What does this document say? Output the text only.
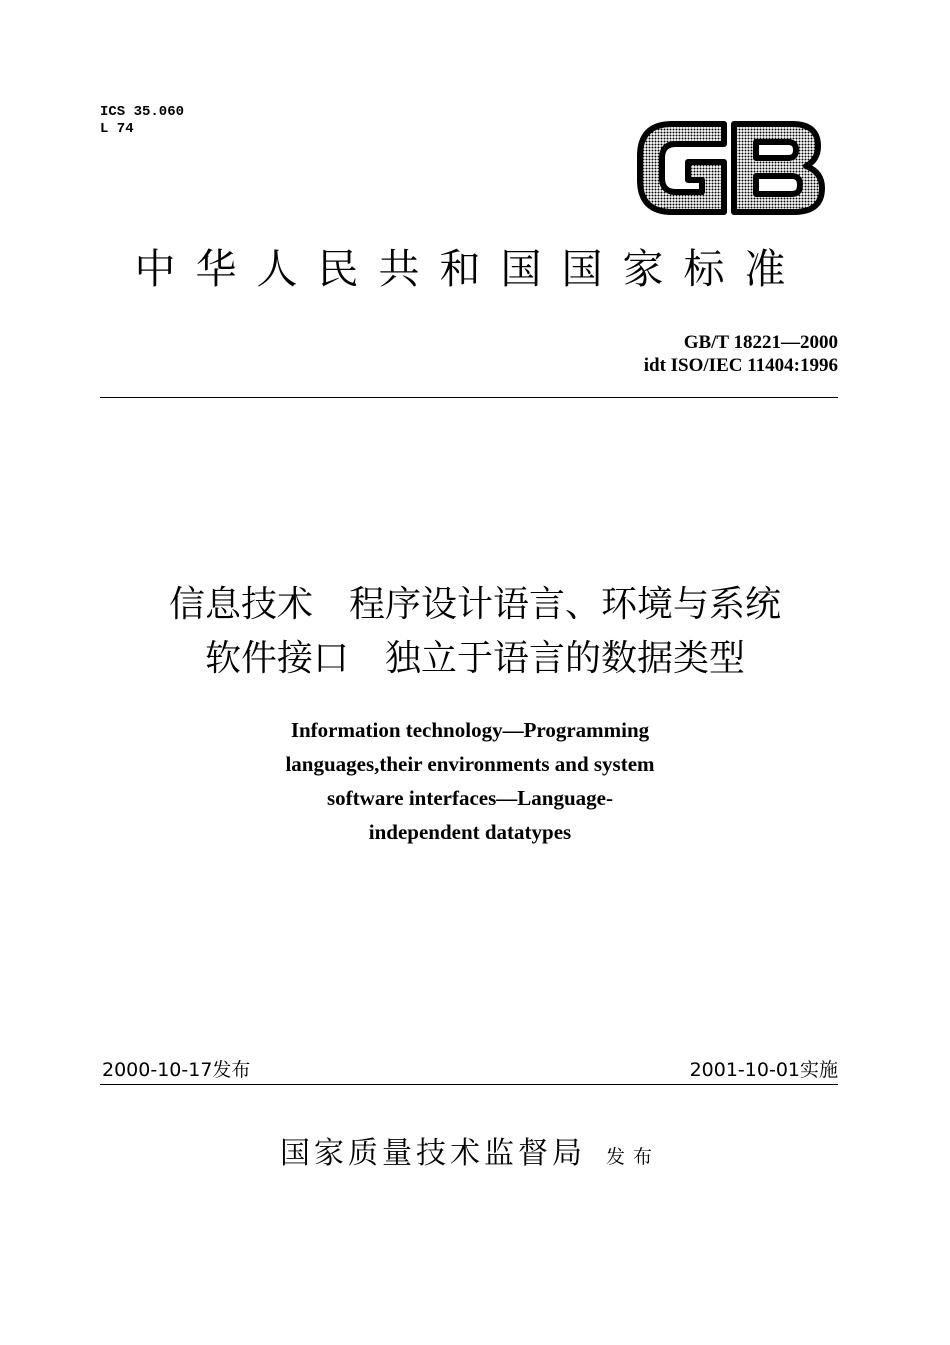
ICS 35.060
L 74
中华人民共和国国家标准
GB/T 18221—2000
idt ISO/IEC 11404:1996
信息技术　程序设计语言、环境与系统
软件接口　独立于语言的数据类型
Information technology—Programming
languages,their environments and system
software interfaces—Language-
independent datatypes
2000-10-17发布	2001-10-01实施
国家质量技术监督局 发布
